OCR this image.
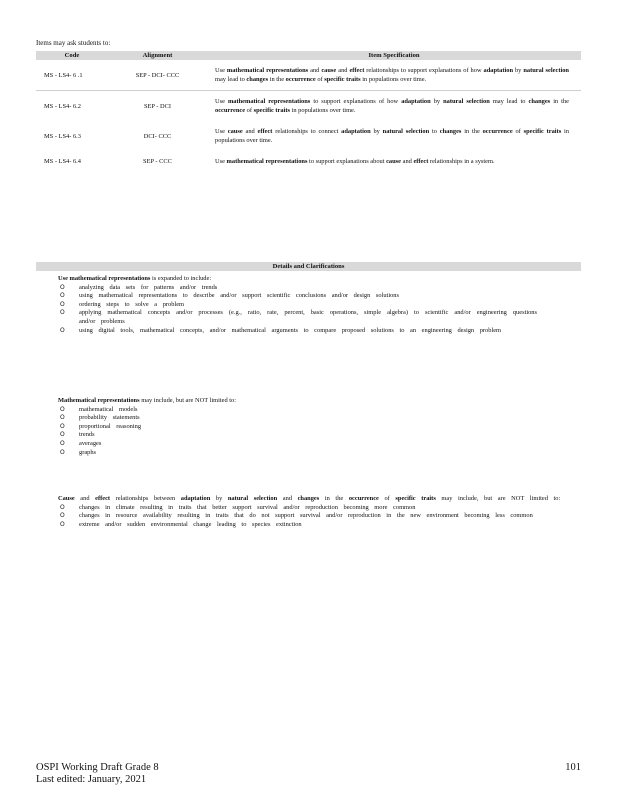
Items may ask students to:
Code	Alignment	Item Specification
MS - LS4- 6 .1	SEP - DCI- CCC	Use mathematical representations and cause and effect relationships to support explanations of how adaptation by natural selection may lead to changes in the occurrence of specific traits in populations over time.
MS - LS4- 6.2	SEP - DCI	Use mathematical representations to support explanations of how adaptation by natural selection may lead to changes in the occurrence of specific traits in populations over time.
MS - LS4- 6.3	DCI- CCC	Use cause and effect relationships to connect adaptation by natural selection to changes in the occurrence of specific traits in populations over time.
MS - LS4- 6.4	SEP - CCC	Use mathematical representations to support explanations about cause and effect relationships in a system.
Details and Clarifications
Use mathematical representations is expanded to include:
O	analyzing data sets for patterns and/or trends
O	using mathematical representations to describe and/or support scientific conclusions and/or design solutions
O	ordering steps to solve a problem
O	applying mathematical concepts and/or processes (e.g., ratio, rate, percent, basic operations, simple algebra) to scientific and/or engineering questions and/or problems
O	using digital tools, mathematical concepts, and/or mathematical arguments to compare proposed solutions to an engineering design problem
Mathematical representations may include, but are NOT limited to:
O	mathematical models
O	probability statements
O	proportional reasoning
O	trends
O	averages
O	graphs
Cause and effect relationships between adaptation by natural selection and changes in the occurrence of specific traits may include, but are NOT limited to:
O	changes in climate resulting in traits that better support survival and/or reproduction becoming more common
O	changes in resource availability resulting in traits that do not support survival and/or reproduction in the new environment becoming less common
O	extreme and/or sudden environmental change leading to species extinction
OSPI Working Draft Grade 8
Last edited: January, 2021
101
